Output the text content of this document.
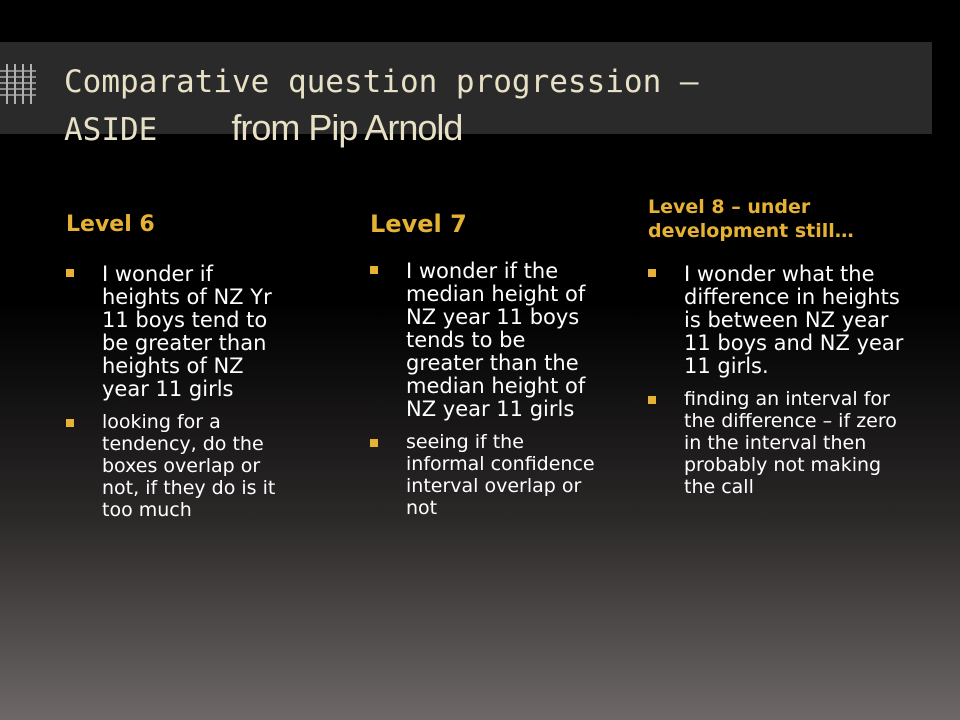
Comparative question progression –
ASIDE from Pip Arnold
Level 6
I wonder if heights of NZ Yr 11 boys tend to be greater than heights of NZ year 11 girls
looking for a tendency, do the boxes overlap or not, if they do is it too much
Level 7
I wonder if the median height of NZ year 11 boys tends to be greater than the median height of NZ year 11 girls
seeing if the informal confidence interval overlap or not
Level 8 – under development still…
I wonder what the difference in heights is between NZ year 11 boys and NZ year 11 girls.
finding an interval for the difference – if zero in the interval then probably not making the call
